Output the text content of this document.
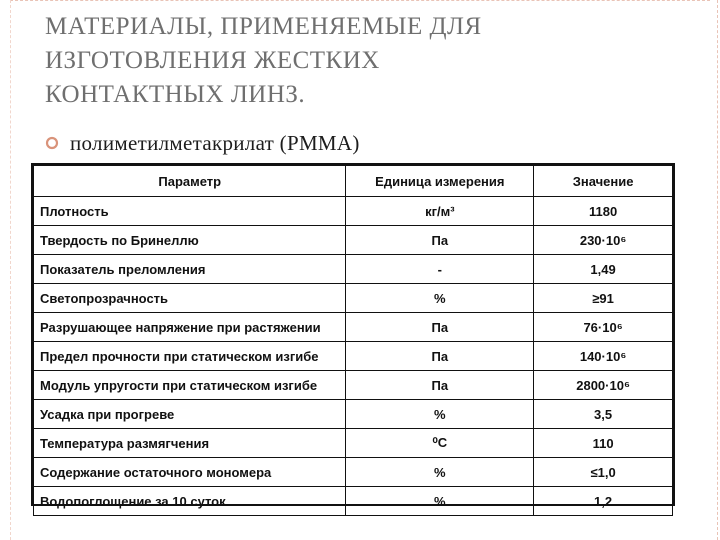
МАТЕРИАЛЫ, ПРИМЕНЯЕМЫЕ ДЛЯ
ИЗГОТОВЛЕНИЯ ЖЕСТКИХ
КОНТАКТНЫХ ЛИНЗ.
полиметилметакрилат (PMMA)
Параметр	Единица измерения	Значение
Плотность	кг/м³	1180
Твердость по Бринеллю	Па	230·10⁶
Показатель преломления	-	1,49
Светопрозрачность	%	≥91
Разрушающее напряжение при растяжении	Па	76·10⁶
Предел прочности при статическом изгибе	Па	140·10⁶
Модуль упругости при статическом изгибе	Па	2800·10⁶
Усадка при прогреве	%	3,5
Температура размягчения	⁰С	110
Содержание остаточного мономера	%	≤1,0
Водопоглощение за 10 суток	%	1,2
